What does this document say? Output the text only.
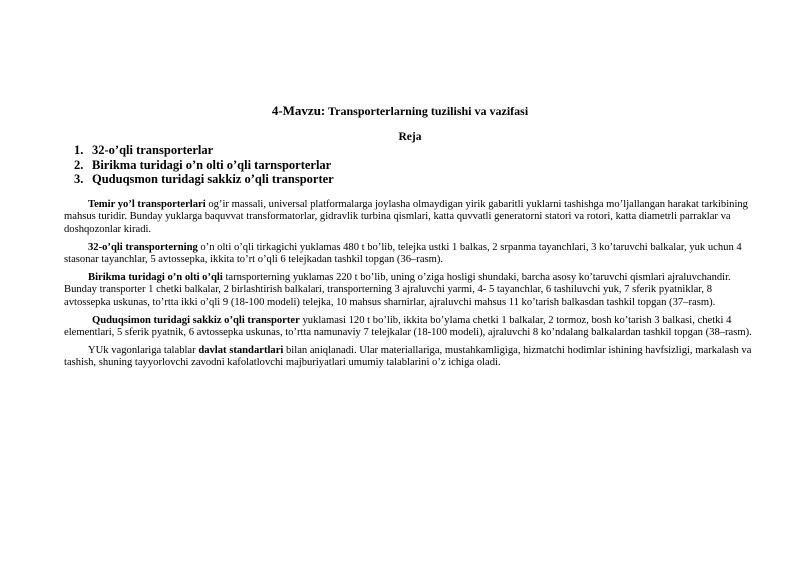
4-Mavzu: Transporterlarning tuzilishi va vazifasi
Reja
1. 32-o’qli transporterlar
2. Birikma turidagi o’n olti o’qli tarnsporterlar
3. Quduqsmon turidagi sakkiz o’qli transporter

Temir yo’l transporterlari og’ir massali, universal platformalarga joylasha olmaydigan yirik gabaritli yuklarni tashishga mo’ljallangan harakat tarkibining mahsus turidir. Bunday yuklarga baquvvat transformatorlar, gidravlik turbina qismlari, katta quvvatli generatorni statori va rotori, katta diametrli parraklar va doshqozonlar kiradi.

32-o’qli transporterning o’n olti o’qli tirkagichi yuklamas 480 t bo’lib, telejka ustki 1 balkas, 2 srpanma tayanchlari, 3 ko’taruvchi balkalar, yuk uchun 4 stasonar tayanchlar, 5 avtossepka, ikkita to’rt o’qli 6 telejkadan tashkil topgan (36–rasm).

Birikma turidagi o’n olti o’qli tarnsporterning yuklamas 220 t bo’lib, uning o’ziga hosligi shundaki, barcha asosy ko’taruvchi qismlari ajraluvchandir. Bunday transporter 1 chetki balkalar, 2 birlashtirish balkalari, transporterning 3 ajraluvchi yarmi, 4- 5 tayanchlar, 6 tashiluvchi yuk, 7 sferik pyatniklar, 8 avtossepka uskunas, to’rtta ikki o’qli 9 (18-100 modeli) telejka, 10 mahsus sharnirlar, ajraluvchi mahsus 11 ko’tarish balkasdan tashkil topgan (37–rasm).

Quduqsimon turidagi sakkiz o’qli transporter yuklamasi 120 t bo’lib, ikkita bo’ylama chetki 1 balkalar, 2 tormoz, bosh ko’tarish 3 balkasi, chetki 4 elementlari, 5 sferik pyatnik, 6 avtossepka uskunas, to’rtta namunaviy 7 telejkalar (18-100 modeli), ajraluvchi 8 ko’ndalang balkalardan tashkil topgan (38–rasm).

YUk vagonlariga talablar davlat standartlari bilan aniqlanadi. Ular materiallariga, mustahkamligiga, hizmatchi hodimlar ishining havfsizligi, markalash va tashish, shuning tayyorlovchi zavodni kafolatlovchi majburiyatlari umumiy talablarini o’z ichiga oladi.
